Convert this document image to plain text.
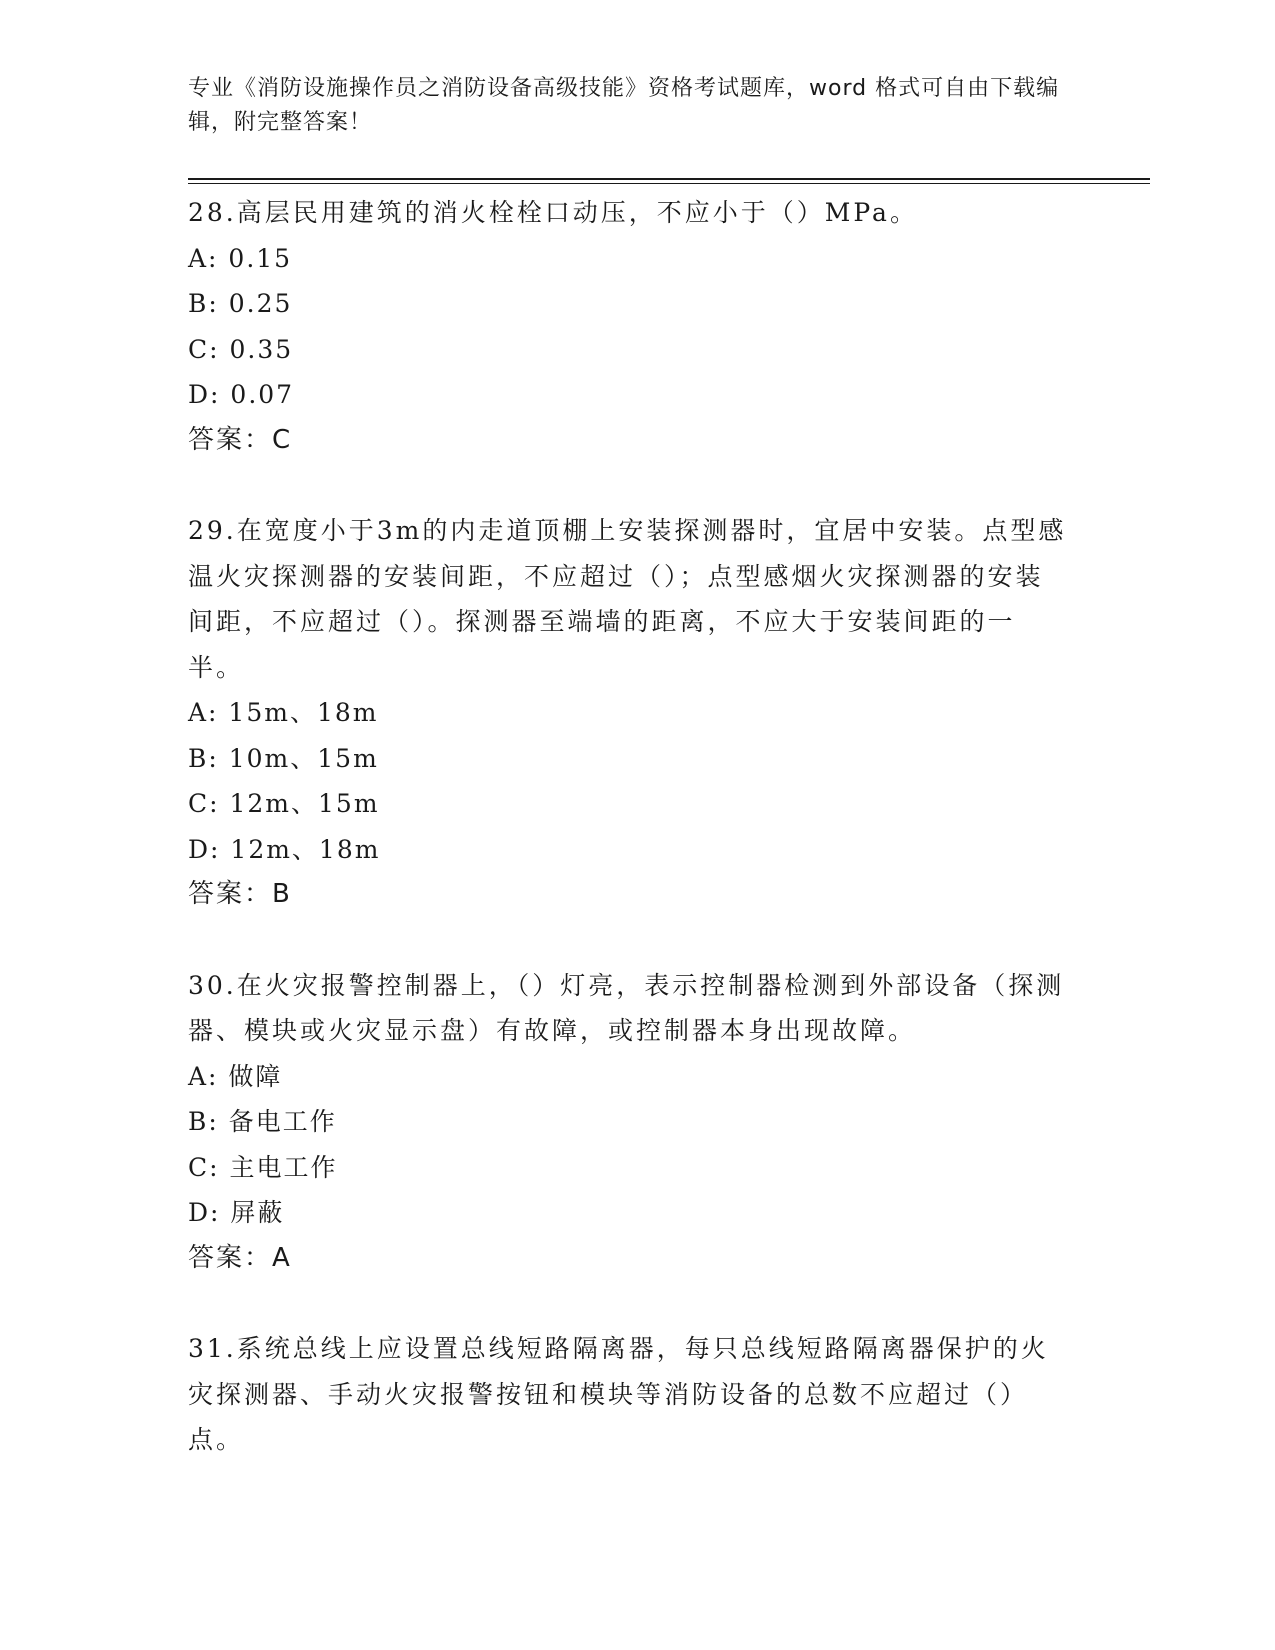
专业《消防设施操作员之消防设备高级技能》资格考试题库，word 格式可自由下载编辑，附完整答案！
28.高层民用建筑的消火栓栓口动压，不应小于（）MPa。
A: 0.15
B: 0.25
C: 0.35
D: 0.07
答案：C
29.在宽度小于3m的内走道顶棚上安装探测器时，宜居中安装。点型感温火灾探测器的安装间距，不应超过（）；点型感烟火灾探测器的安装间距，不应超过（）。探测器至端墙的距离，不应大于安装间距的一半。
A: 15m、18m
B: 10m、15m
C: 12m、15m
D: 12m、18m
答案：B
30.在火灾报警控制器上，（）灯亮，表示控制器检测到外部设备（探测器、模块或火灾显示盘）有故障，或控制器本身出现故障。
A: 做障
B: 备电工作
C: 主电工作
D: 屏蔽
答案：A
31.系统总线上应设置总线短路隔离器，每只总线短路隔离器保护的火灾探测器、手动火灾报警按钮和模块等消防设备的总数不应超过（）点。
